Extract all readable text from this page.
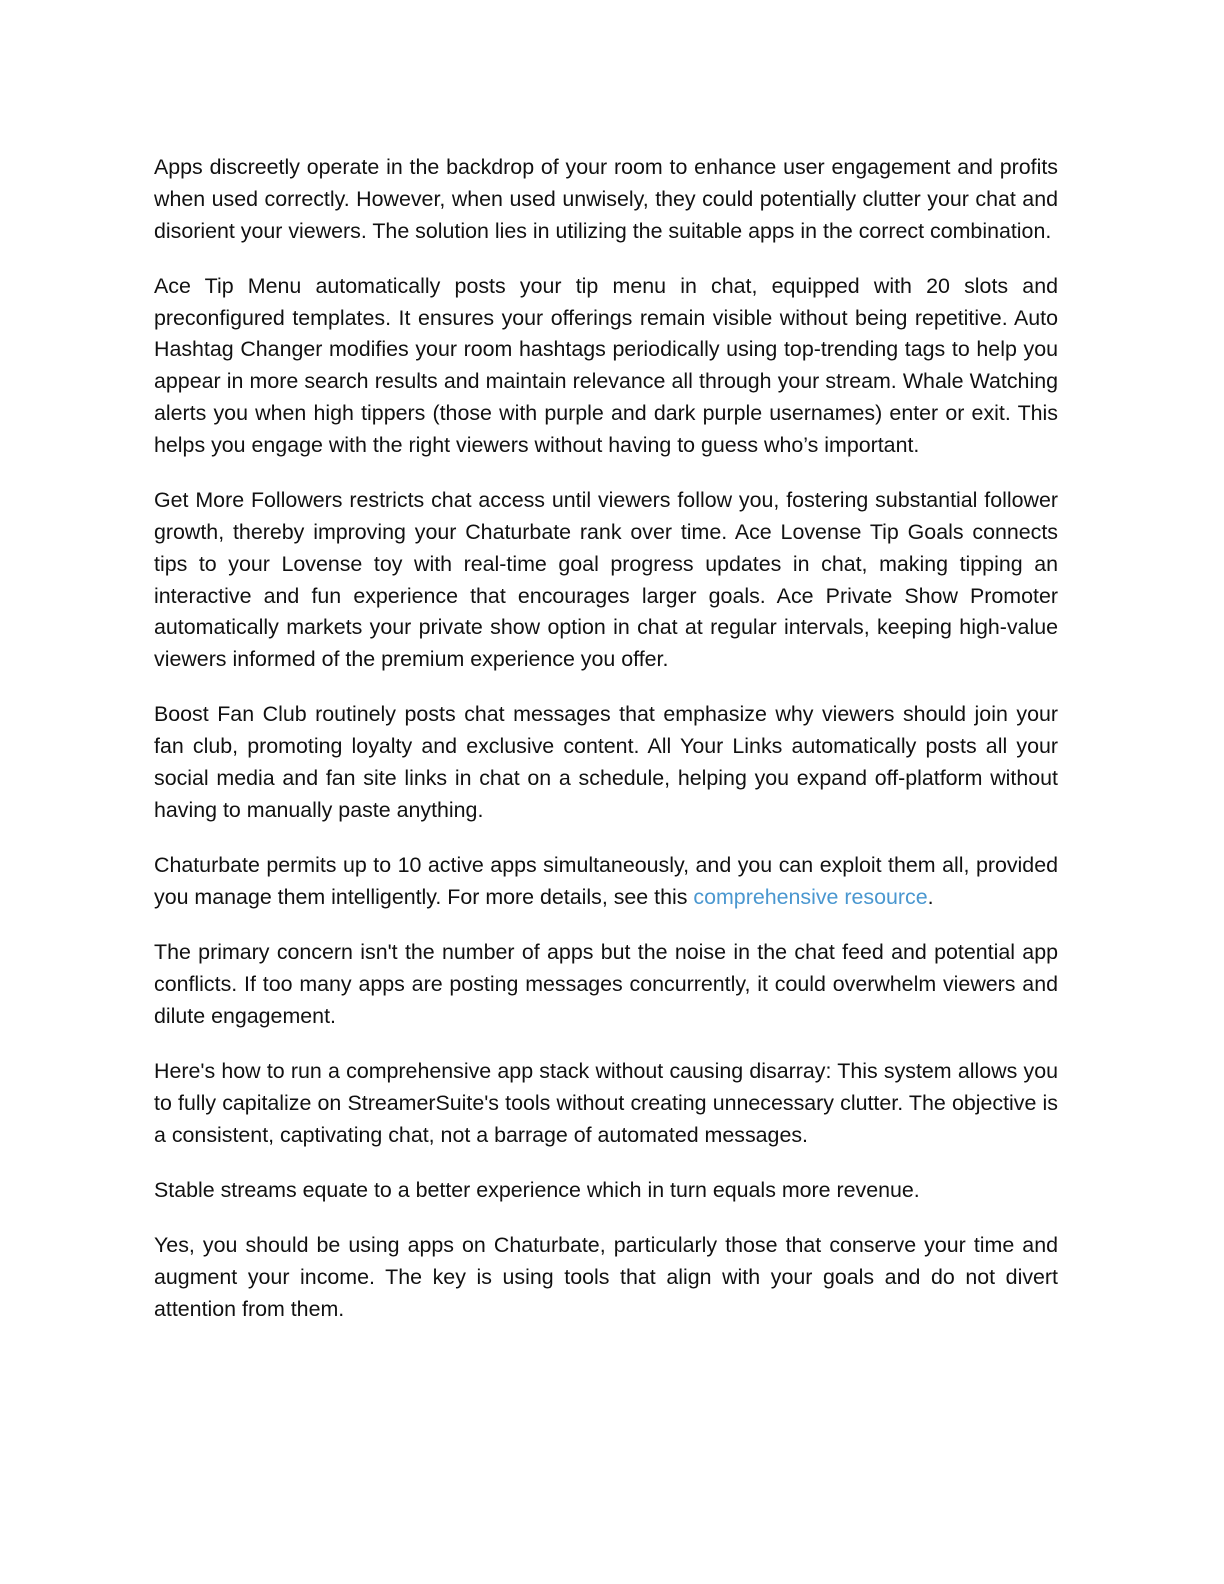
Apps discreetly operate in the backdrop of your room to enhance user engagement and profits when used correctly. However, when used unwisely, they could potentially clutter your chat and disorient your viewers. The solution lies in utilizing the suitable apps in the correct combination.

Ace Tip Menu automatically posts your tip menu in chat, equipped with 20 slots and preconfigured templates. It ensures your offerings remain visible without being repetitive. Auto Hashtag Changer modifies your room hashtags periodically using top-trending tags to help you appear in more search results and maintain relevance all through your stream. Whale Watching alerts you when high tippers (those with purple and dark purple usernames) enter or exit. This helps you engage with the right viewers without having to guess who’s important.

Get More Followers restricts chat access until viewers follow you, fostering substantial follower growth, thereby improving your Chaturbate rank over time. Ace Lovense Tip Goals connects tips to your Lovense toy with real-time goal progress updates in chat, making tipping an interactive and fun experience that encourages larger goals. Ace Private Show Promoter automatically markets your private show option in chat at regular intervals, keeping high-value viewers informed of the premium experience you offer.

Boost Fan Club routinely posts chat messages that emphasize why viewers should join your fan club, promoting loyalty and exclusive content. All Your Links automatically posts all your social media and fan site links in chat on a schedule, helping you expand off-platform without having to manually paste anything.

Chaturbate permits up to 10 active apps simultaneously, and you can exploit them all, provided you manage them intelligently. For more details, see this comprehensive resource.

The primary concern isn't the number of apps but the noise in the chat feed and potential app conflicts. If too many apps are posting messages concurrently, it could overwhelm viewers and dilute engagement.

Here's how to run a comprehensive app stack without causing disarray: This system allows you to fully capitalize on StreamerSuite's tools without creating unnecessary clutter. The objective is a consistent, captivating chat, not a barrage of automated messages.

Stable streams equate to a better experience which in turn equals more revenue.

Yes, you should be using apps on Chaturbate, particularly those that conserve your time and augment your income. The key is using tools that align with your goals and do not divert attention from them.
